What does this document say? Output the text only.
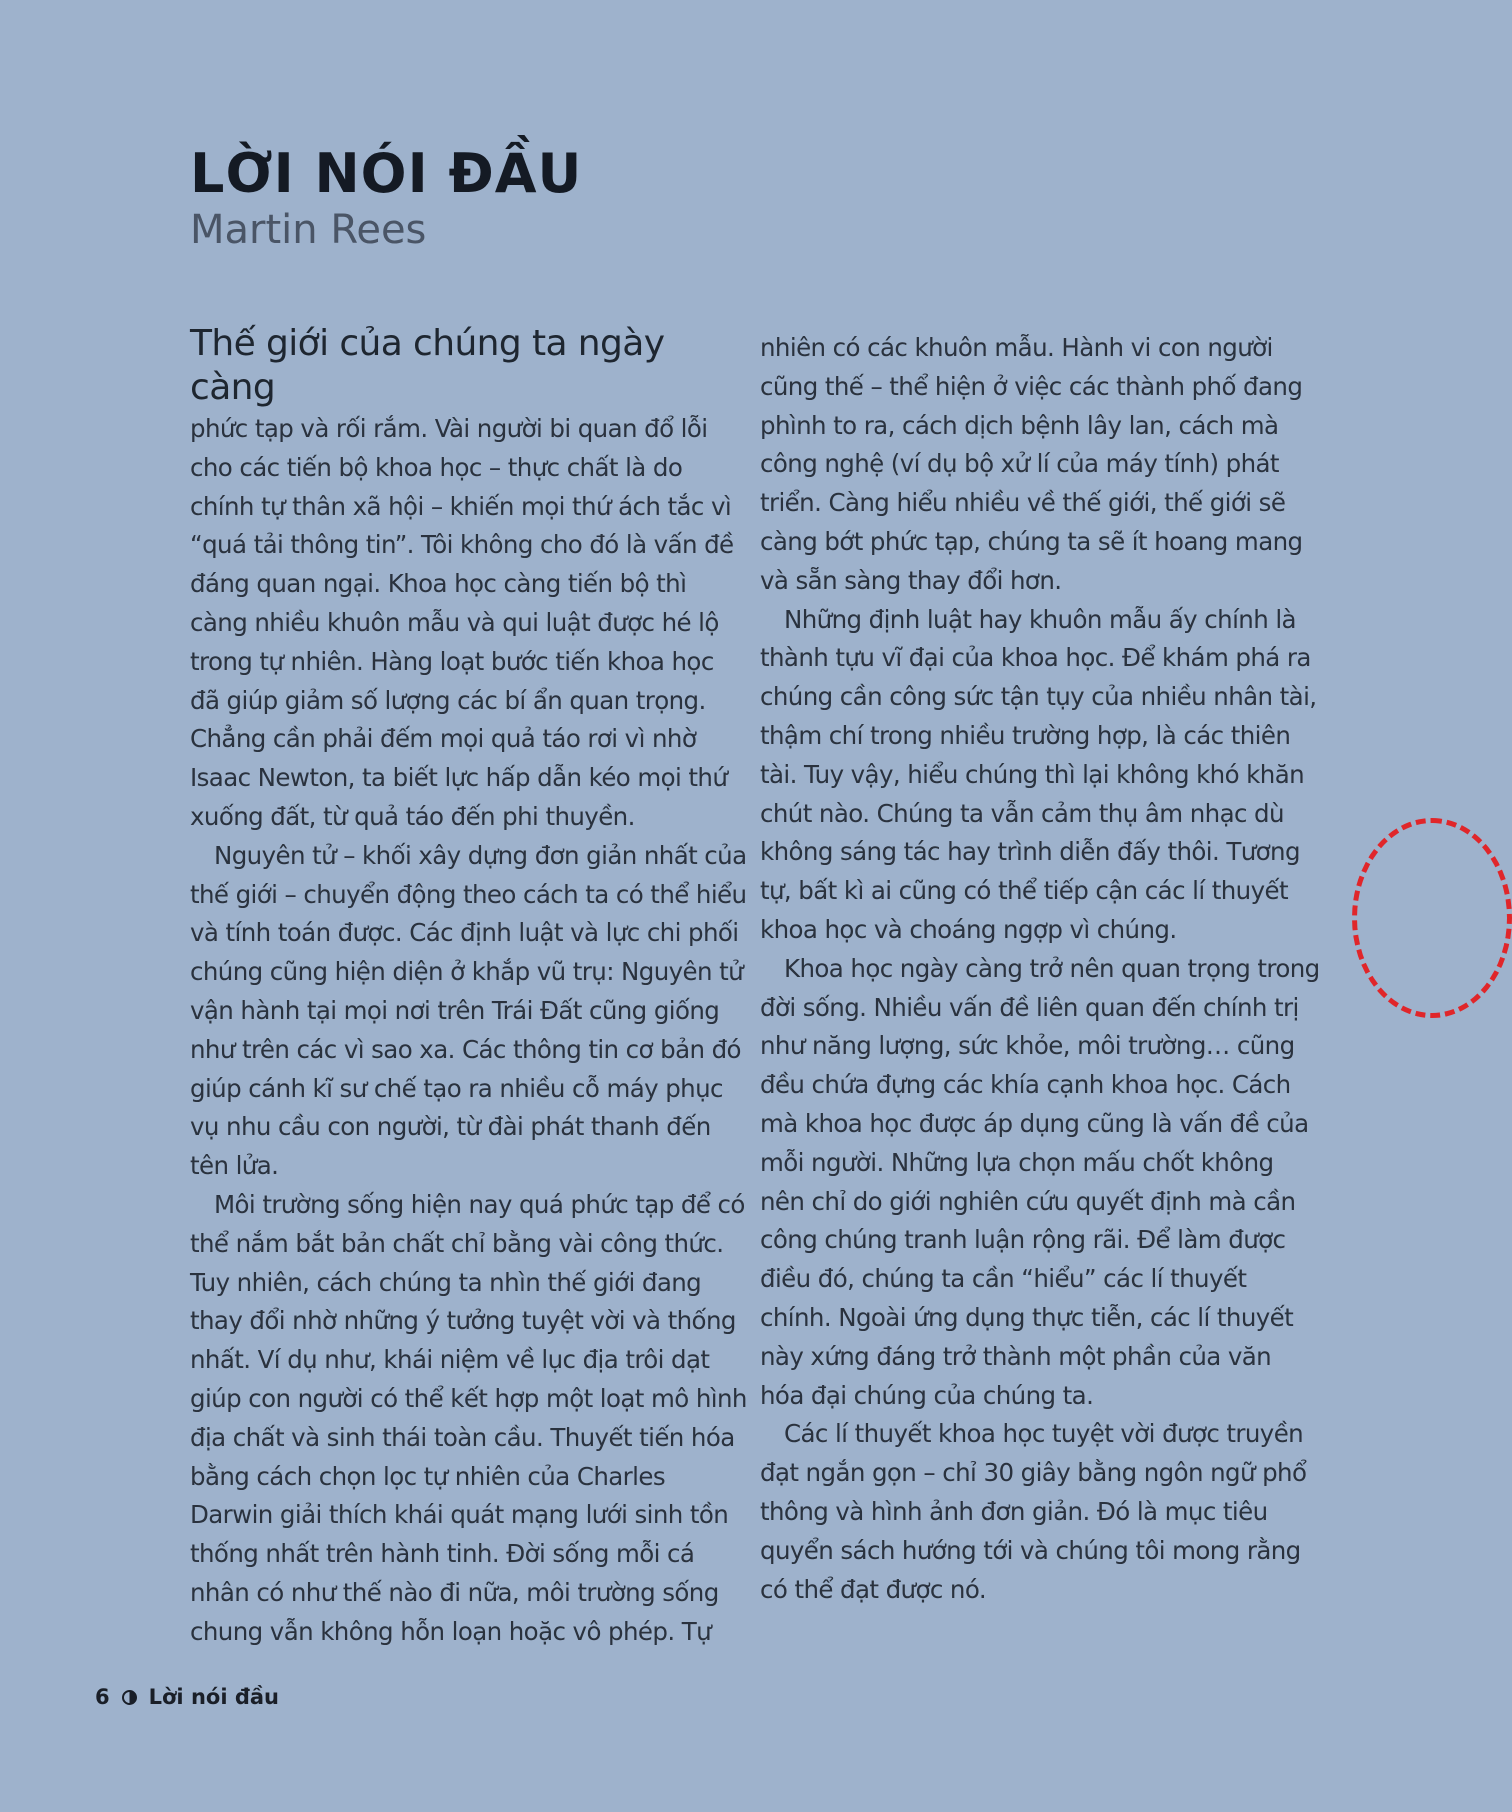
LỜI NÓI ĐẦU

Martin Rees

Thế giới của chúng ta ngày càng

phức tạp và rối rắm. Vài người bi quan đổ lỗi cho các tiến bộ khoa học – thực chất là do chính tự thân xã hội – khiến mọi thứ ách tắc vì “quá tải thông tin”. Tôi không cho đó là vấn đề đáng quan ngại. Khoa học càng tiến bộ thì càng nhiều khuôn mẫu và qui luật được hé lộ trong tự nhiên. Hàng loạt bước tiến khoa học đã giúp giảm số lượng các bí ẩn quan trọng. Chẳng cần phải đếm mọi quả táo rơi vì nhờ Isaac Newton, ta biết lực hấp dẫn kéo mọi thứ xuống đất, từ quả táo đến phi thuyền.

Nguyên tử – khối xây dựng đơn giản nhất của thế giới – chuyển động theo cách ta có thể hiểu và tính toán được. Các định luật và lực chi phối chúng cũng hiện diện ở khắp vũ trụ: Nguyên tử vận hành tại mọi nơi trên Trái Đất cũng giống như trên các vì sao xa. Các thông tin cơ bản đó giúp cánh kĩ sư chế tạo ra nhiều cỗ máy phục vụ nhu cầu con người, từ đài phát thanh đến tên lửa.

Môi trường sống hiện nay quá phức tạp để có thể nắm bắt bản chất chỉ bằng vài công thức. Tuy nhiên, cách chúng ta nhìn thế giới đang thay đổi nhờ những ý tưởng tuyệt vời và thống nhất. Ví dụ như, khái niệm về lục địa trôi dạt giúp con người có thể kết hợp một loạt mô hình địa chất và sinh thái toàn cầu. Thuyết tiến hóa bằng cách chọn lọc tự nhiên của Charles Darwin giải thích khái quát mạng lưới sinh tồn thống nhất trên hành tinh. Đời sống mỗi cá nhân có như thế nào đi nữa, môi trường sống chung vẫn không hỗn loạn hoặc vô phép. Tự

nhiên có các khuôn mẫu. Hành vi con người cũng thế – thể hiện ở việc các thành phố đang phình to ra, cách dịch bệnh lây lan, cách mà công nghệ (ví dụ bộ xử lí của máy tính) phát triển. Càng hiểu nhiều về thế giới, thế giới sẽ càng bớt phức tạp, chúng ta sẽ ít hoang mang và sẵn sàng thay đổi hơn.

Những định luật hay khuôn mẫu ấy chính là thành tựu vĩ đại của khoa học. Để khám phá ra chúng cần công sức tận tụy của nhiều nhân tài, thậm chí trong nhiều trường hợp, là các thiên tài. Tuy vậy, hiểu chúng thì lại không khó khăn chút nào. Chúng ta vẫn cảm thụ âm nhạc dù không sáng tác hay trình diễn đấy thôi. Tương tự, bất kì ai cũng có thể tiếp cận các lí thuyết khoa học và choáng ngợp vì chúng.

Khoa học ngày càng trở nên quan trọng trong đời sống. Nhiều vấn đề liên quan đến chính trị như năng lượng, sức khỏe, môi trường… cũng đều chứa đựng các khía cạnh khoa học. Cách mà khoa học được áp dụng cũng là vấn đề của mỗi người. Những lựa chọn mấu chốt không nên chỉ do giới nghiên cứu quyết định mà cần công chúng tranh luận rộng rãi. Để làm được điều đó, chúng ta cần “hiểu” các lí thuyết chính. Ngoài ứng dụng thực tiễn, các lí thuyết này xứng đáng trở thành một phần của văn hóa đại chúng của chúng ta.

Các lí thuyết khoa học tuyệt vời được truyền đạt ngắn gọn – chỉ 30 giây bằng ngôn ngữ phổ thông và hình ảnh đơn giản. Đó là mục tiêu quyển sách hướng tới và chúng tôi mong rằng có thể đạt được nó.

6 Lời nói đầu
